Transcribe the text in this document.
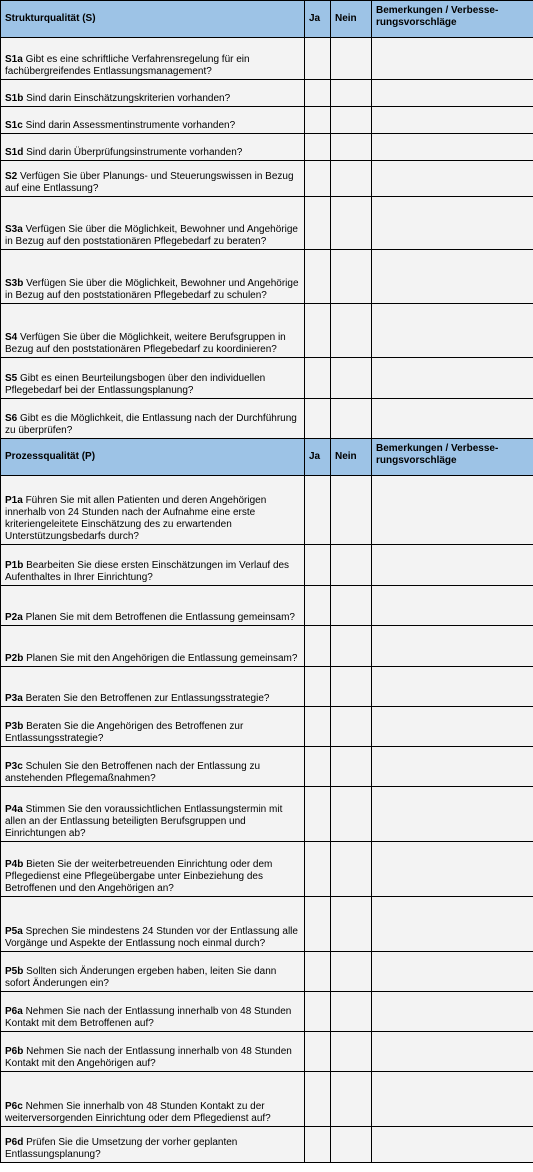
Strukturqualität (S)	Ja	Nein	Bemerkungen / Verbesse-rungsvorschläge
S1a Gibt es eine schriftliche Verfahrensregelung für ein fachübergreifendes Entlassungsmanagement?			
S1b Sind darin Einschätzungskriterien vorhanden?			
S1c Sind darin Assessmentinstrumente vorhanden?			
S1d Sind darin Überprüfungsinstrumente vorhanden?			
S2 Verfügen Sie über Planungs- und Steuerungswissen in Bezug auf eine Entlassung?			
S3a Verfügen Sie über die Möglichkeit, Bewohner und Angehörige in Bezug auf den poststationären Pflegebedarf zu beraten?			
S3b Verfügen Sie über die Möglichkeit, Bewohner und Angehörige in Bezug auf den poststationären Pflegebedarf zu schulen?			
S4 Verfügen Sie über die Möglichkeit, weitere Berufsgruppen in Bezug auf den poststationären Pflegebedarf zu koordinieren?			
S5 Gibt es einen Beurteilungsbogen über den individuellen Pflegebedarf bei der Entlassungsplanung?			
S6 Gibt es die Möglichkeit, die Entlassung nach der Durchführung zu überprüfen?			
Prozessqualität (P)	Ja	Nein	Bemerkungen / Verbesse-rungsvorschläge
P1a Führen Sie mit allen Patienten und deren Angehörigen innerhalb von 24 Stunden nach der Aufnahme eine erste kriteriengeleitete Einschätzung des zu erwartenden Unterstützungsbedarfs durch?			
P1b Bearbeiten Sie diese ersten Einschätzungen im Verlauf des Aufenthaltes in Ihrer Einrichtung?			
P2a Planen Sie mit dem Betroffenen die Entlassung gemeinsam?			
P2b Planen Sie mit den Angehörigen die Entlassung gemeinsam?			
P3a Beraten Sie den Betroffenen zur Entlassungsstrategie?			
P3b Beraten Sie die Angehörigen des Betroffenen zur Entlassungsstrategie?			
P3c Schulen Sie den Betroffenen nach der Entlassung zu anstehenden Pflegemaßnahmen?			
P4a Stimmen Sie den voraussichtlichen Entlassungstermin mit allen an der Entlassung beteiligten Berufsgruppen und Einrichtungen ab?			
P4b Bieten Sie der weiterbetreuenden Einrichtung oder dem Pflegedienst eine Pflegeübergabe unter Einbeziehung des Betroffenen und den Angehörigen an?			
P5a Sprechen Sie mindestens 24 Stunden vor der Entlassung alle Vorgänge und Aspekte der Entlassung noch einmal durch?			
P5b Sollten sich Änderungen ergeben haben, leiten Sie dann sofort Änderungen ein?			
P6a Nehmen Sie nach der Entlassung innerhalb von 48 Stunden Kontakt mit dem Betroffenen auf?			
P6b Nehmen Sie nach der Entlassung innerhalb von 48 Stunden Kontakt mit den Angehörigen auf?			
P6c Nehmen Sie innerhalb von 48 Stunden Kontakt zu der weiterversorgenden Einrichtung oder dem Pflegedienst auf?			
P6d Prüfen Sie die Umsetzung der vorher geplanten Entlassungsplanung?			
